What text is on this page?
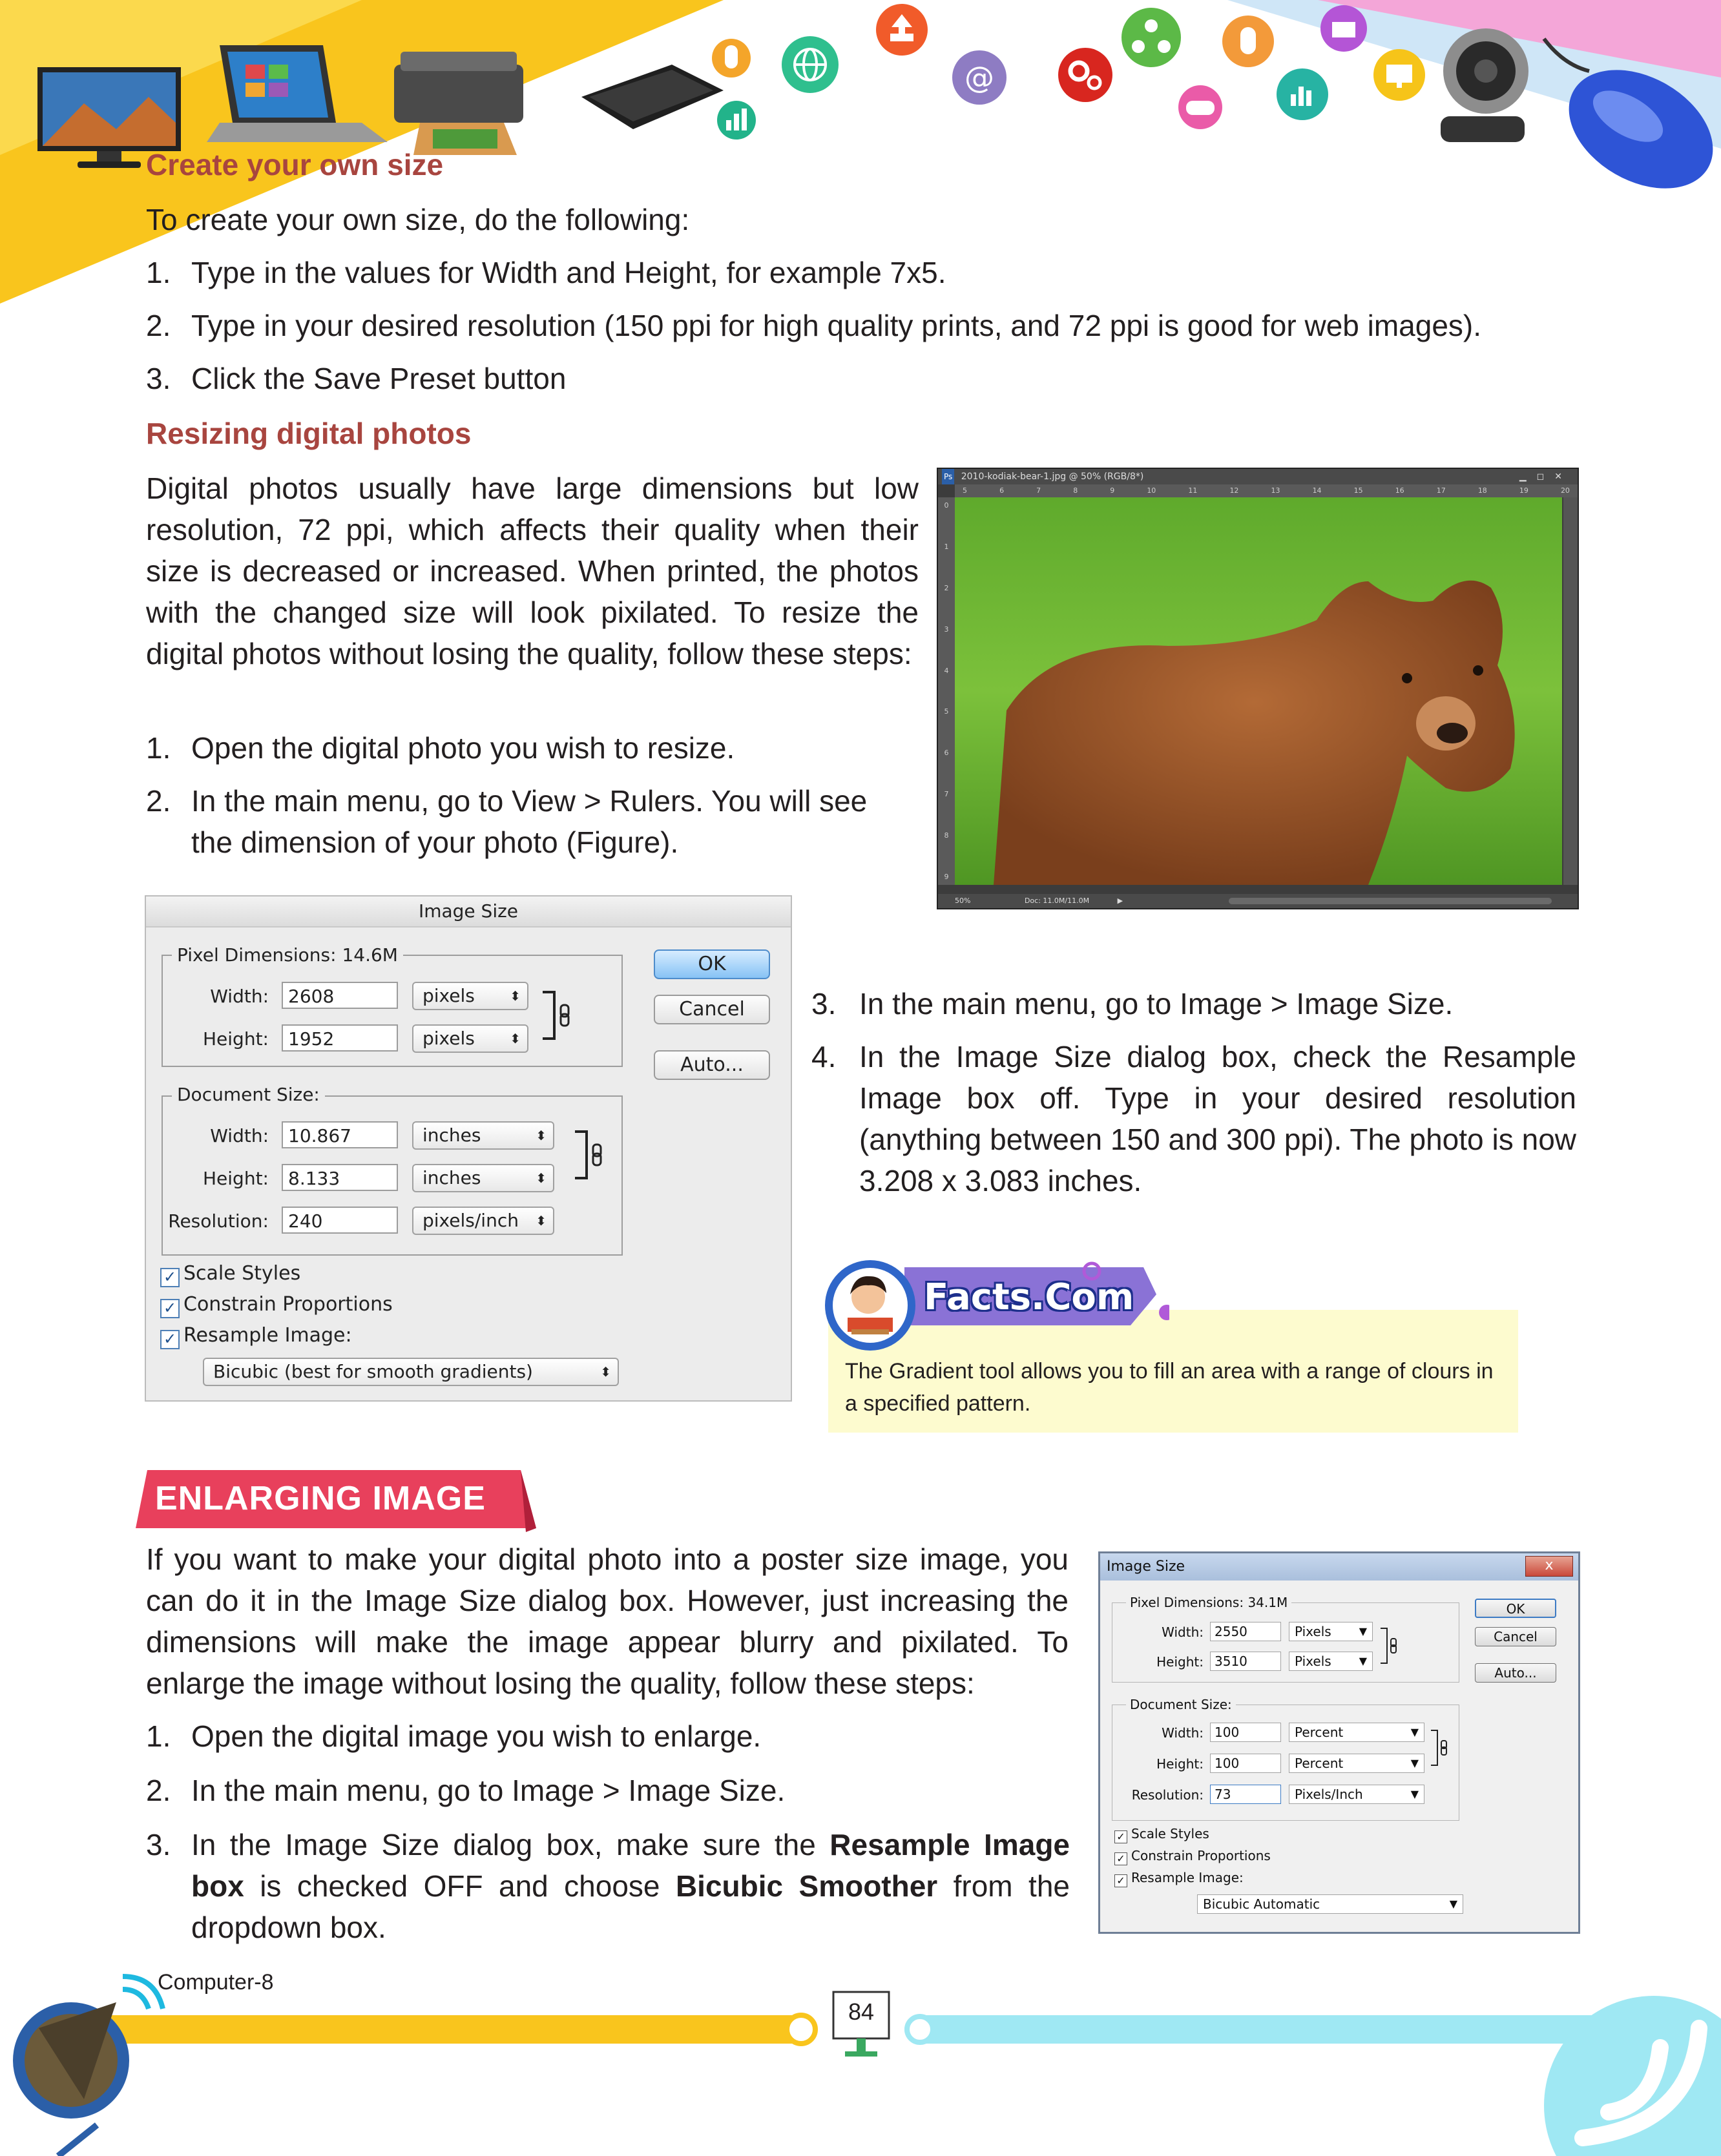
@
Create your own size
To create your own size, do the following:
1. Type in the values for Width and Height, for example 7x5.
2. Type in your desired resolution (150 ppi for high quality prints, and 72 ppi is good for web images).
3. Click the Save Preset button
Resizing digital photos
Digital photos usually have large dimensions but low resolution, 72 ppi, which affects their quality when their size is decreased or increased. When printed, the photos with the changed size will look pixilated. To resize the digital photos without losing the quality, follow these steps:
1. Open the digital photo you wish to resize.
2. In the main menu, go to View > Rulers. You will see the dimension of your photo (Figure).
Ps 2010-kodiak-bear-1.jpg @ 50% (RGB/8*)	▁◻✕
5	6	7	8	9	10	11	12	13	14	15	16	17	18	19	20
0
1
2
3
4
5
6
7
8
9
50%	Doc: 11.0M/11.0M	▶
Image Size
Pixel Dimensions: 14.6M
Width:	2608	pixels	⬍
Height:	1952	pixels	⬍
Document Size:
Width:	10.867	inches	⬍
Height:	8.133	inches	⬍
Resolution:	240	pixels/inch ⬍
OK
Cancel
Auto...
✓ Scale Styles
✓ Constrain Proportions
✓ Resample Image:
Bicubic (best for smooth gradients)	⬍
3. In the main menu, go to Image > Image Size.
4. In the Image Size dialog box, check the Resample Image box off. Type in your desired resolution (anything between 150 and 300 ppi). The photo is now 3.208 x 3.083 inches.
Facts.Com
The Gradient tool allows you to fill an area with a range of clours in a specified pattern.
ENLARGING IMAGE
If you want to make your digital photo into a poster size image, you can do it in the Image Size dialog box. However, just increasing the dimensions will make the image appear blurry and pixilated. To enlarge the image without losing the quality, follow these steps:
1. Open the digital image you wish to enlarge.
2. In the main menu, go to Image > Image Size.
3. In the Image Size dialog box, make sure the Resample Image box is checked OFF and choose Bicubic Smoother from the dropdown box.
Image Size	x
Pixel Dimensions: 34.1M
Width: 2550	Pixels	▼
Height: 3510	Pixels	▼
Document Size:
Width: 100	Percent	▼
Height: 100	Percent	▼
Resolution: 73	Pixels/Inch	▼
OK
Cancel
Auto...
✓ Scale Styles
✓ Constrain Proportions
✓ Resample Image:
Bicubic Automatic	▼
Computer-8
84
